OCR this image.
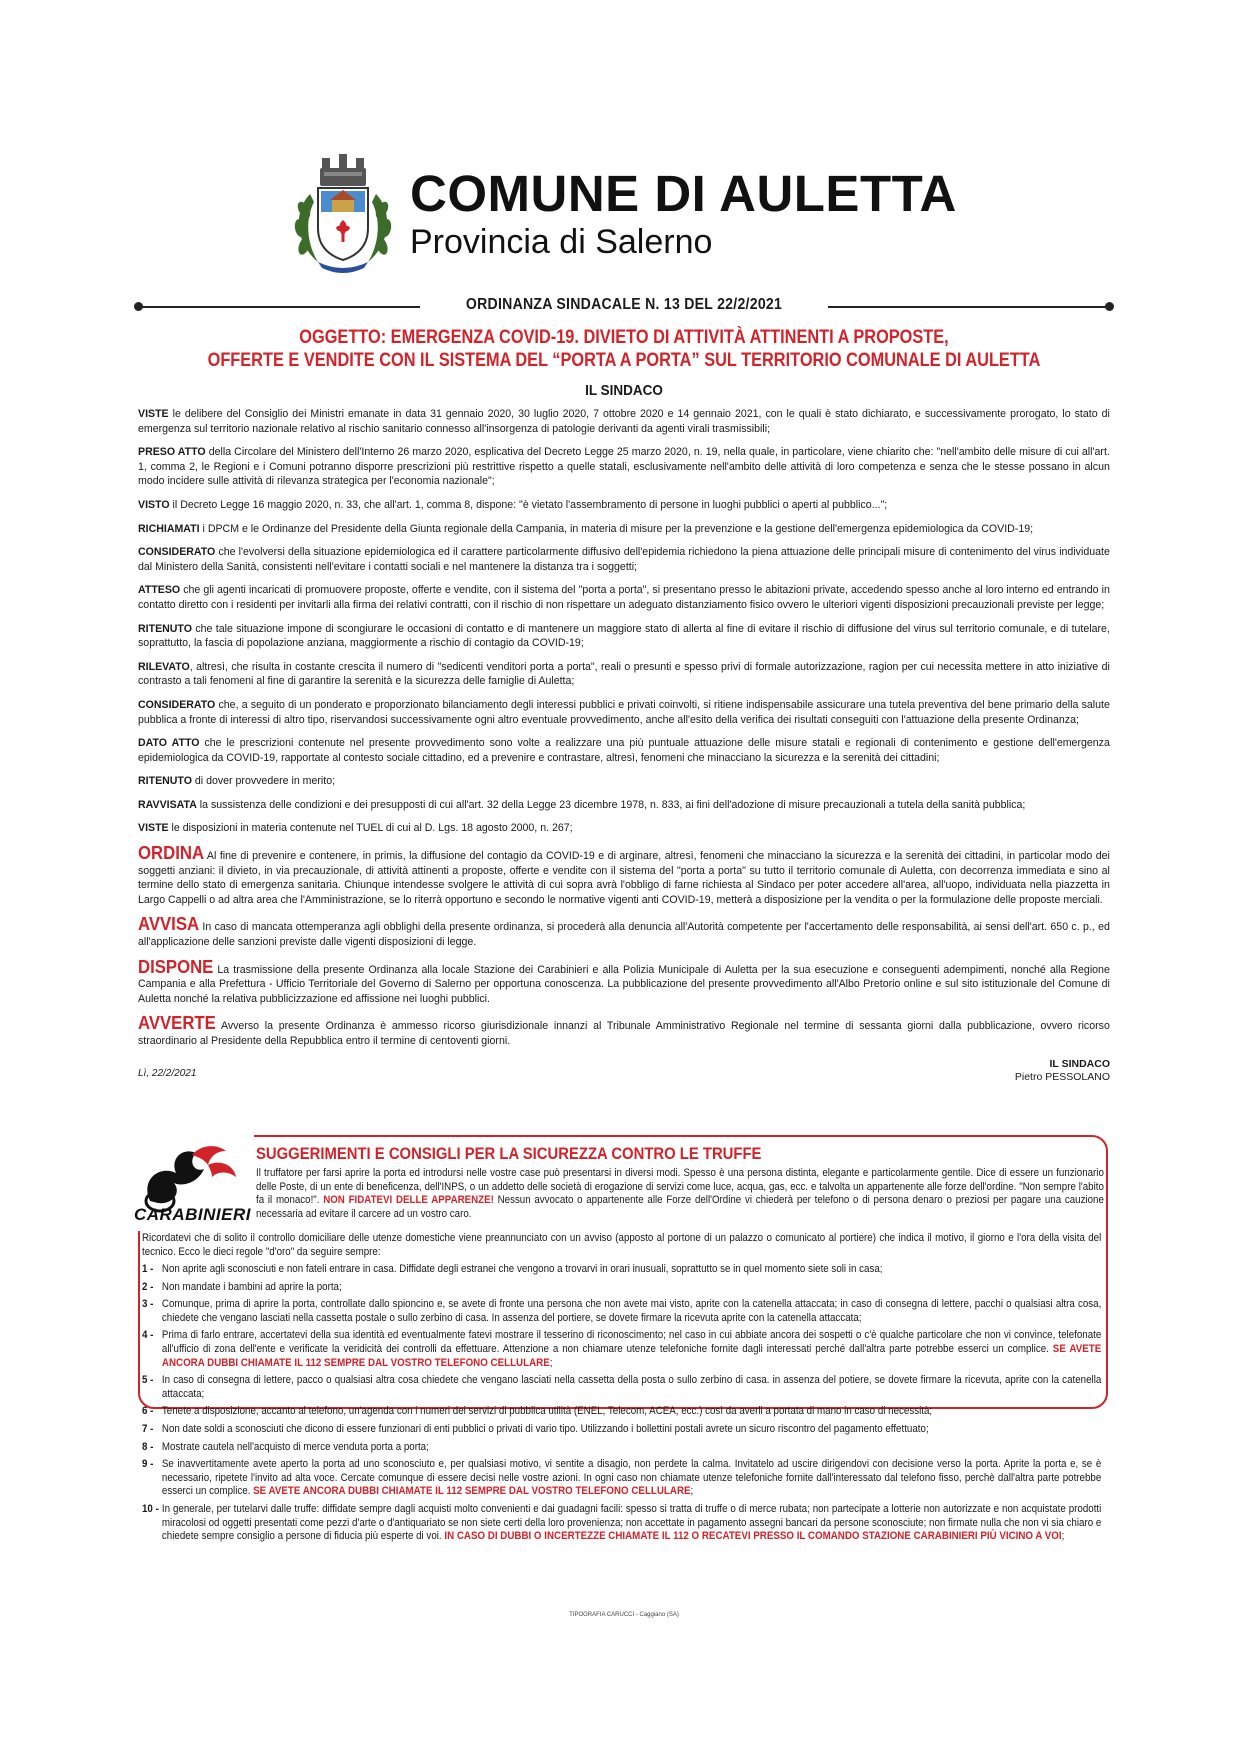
COMUNE DI AULETTA
Provincia di Salerno
ORDINANZA SINDACALE N. 13 DEL 22/2/2021
OGGETTO: EMERGENZA COVID-19. DIVIETO DI ATTIVITÀ ATTINENTI A PROPOSTE,
OFFERTE E VENDITE CON IL SISTEMA DEL “PORTA A PORTA” SUL TERRITORIO COMUNALE DI AULETTA
IL SINDACO

VISTE le delibere del Consiglio dei Ministri emanate in data 31 gennaio 2020, 30 luglio 2020, 7 ottobre 2020 e 14 gennaio 2021, con le quali è stato dichiarato, e successivamente prorogato, lo stato di emergenza sul territorio nazionale relativo al rischio sanitario connesso all'insorgenza di patologie derivanti da agenti virali trasmissibili;

PRESO ATTO della Circolare del Ministero dell'Interno 26 marzo 2020, esplicativa del Decreto Legge 25 marzo 2020, n. 19, nella quale, in particolare, viene chiarito che: "nell'ambito delle misure di cui all'art. 1, comma 2, le Regioni e i Comuni potranno disporre prescrizioni più restrittive rispetto a quelle statali, esclusivamente nell'ambito delle attività di loro competenza e senza che le stesse possano in alcun modo incidere sulle attività di rilevanza strategica per l'economia nazionale";

VISTO il Decreto Legge 16 maggio 2020, n. 33, che all'art. 1, comma 8, dispone: "è vietato l'assembramento di persone in luoghi pubblici o aperti al pubblico...";

RICHIAMATI i DPCM e le Ordinanze del Presidente della Giunta regionale della Campania, in materia di misure per la prevenzione e la gestione dell'emergenza epidemiologica da COVID-19;

CONSIDERATO che l'evolversi della situazione epidemiologica ed il carattere particolarmente diffusivo dell'epidemia richiedono la piena attuazione delle principali misure di contenimento del virus individuate dal Ministero della Sanità, consistenti nell'evitare i contatti sociali e nel mantenere la distanza tra i soggetti;

ATTESO che gli agenti incaricati di promuovere proposte, offerte e vendite, con il sistema del "porta a porta", si presentano presso le abitazioni private, accedendo spesso anche al loro interno ed entrando in contatto diretto con i residenti per invitarli alla firma dei relativi contratti, con il rischio di non rispettare un adeguato distanziamento fisico ovvero le ulteriori vigenti disposizioni precauzionali previste per legge;

RITENUTO che tale situazione impone di scongiurare le occasioni di contatto e di mantenere un maggiore stato di allerta al fine di evitare il rischio di diffusione del virus sul territorio comunale, e di tutelare, soprattutto, la fascia di popolazione anziana, maggiormente a rischio di contagio da COVID-19;

RILEVATO, altresì, che risulta in costante crescita il numero di "sedicenti venditori porta a porta", reali o presunti e spesso privi di formale autorizzazione, ragion per cui necessita mettere in atto iniziative di contrasto a tali fenomeni al fine di garantire la serenità e la sicurezza delle famiglie di Auletta;

CONSIDERATO che, a seguito di un ponderato e proporzionato bilanciamento degli interessi pubblici e privati coinvolti, si ritiene indispensabile assicurare una tutela preventiva del bene primario della salute pubblica a fronte di interessi di altro tipo, riservandosi successivamente ogni altro eventuale provvedimento, anche all'esito della verifica dei risultati conseguiti con l'attuazione della presente Ordinanza;

DATO ATTO che le prescrizioni contenute nel presente provvedimento sono volte a realizzare una più puntuale attuazione delle misure statali e regionali di contenimento e gestione dell'emergenza epidemiologica da COVID-19, rapportate al contesto sociale cittadino, ed a prevenire e contrastare, altresì, fenomeni che minacciano la sicurezza e la serenità dei cittadini;

RITENUTO di dover provvedere in merito;

RAVVISATA la sussistenza delle condizioni e dei presupposti di cui all'art. 32 della Legge 23 dicembre 1978, n. 833, ai fini dell'adozione di misure precauzionali a tutela della sanità pubblica;

VISTE le disposizioni in materia contenute nel TUEL di cui al D. Lgs. 18 agosto 2000, n. 267;

ORDINA Al fine di prevenire e contenere, in primis, la diffusione del contagio da COVID-19 e di arginare, altresì, fenomeni che minacciano la sicurezza e la serenità dei cittadini, in particolar modo dei soggetti anziani: il divieto, in via precauzionale, di attività attinenti a proposte, offerte e vendite con il sistema del "porta a porta" su tutto il territorio comunale di Auletta, con decorrenza immediata e sino al termine dello stato di emergenza sanitaria. Chiunque intendesse svolgere le attività di cui sopra avrà l'obbligo di farne richiesta al Sindaco per poter accedere all'area, all'uopo, individuata nella piazzetta in Largo Cappelli o ad altra area che l'Amministrazione, se lo riterrà opportuno e secondo le normative vigenti anti COVID-19, metterà a disposizione per la vendita o per la formulazione delle proposte merciali.

AVVISA In caso di mancata ottemperanza agli obblighi della presente ordinanza, si procederà alla denuncia all'Autorità competente per l'accertamento delle responsabilità, ai sensi dell'art. 650 c. p., ed all'applicazione delle sanzioni previste dalle vigenti disposizioni di legge.

DISPONE La trasmissione della presente Ordinanza alla locale Stazione dei Carabinieri e alla Polizia Municipale di Auletta per la sua esecuzione e conseguenti adempimenti, nonché alla Regione Campania e alla Prefettura - Ufficio Territoriale del Governo di Salerno per opportuna conoscenza. La pubblicazione del presente provvedimento all'Albo Pretorio online e sul sito istituzionale del Comune di Auletta nonché la relativa pubblicizzazione ed affissione nei luoghi pubblici.

AVVERTE Avverso la presente Ordinanza è ammesso ricorso giurisdizionale innanzi al Tribunale Amministrativo Regionale nel termine di sessanta giorni dalla pubblicazione, ovvero ricorso straordinario al Presidente della Repubblica entro il termine di centoventi giorni.

Lì, 22/2/2021
IL SINDACO
Pietro PESSOLANO
CARABINIERI
SUGGERIMENTI E CONSIGLI PER LA SICUREZZA CONTRO LE TRUFFE
Il truffatore per farsi aprire la porta ed introdursi nelle vostre case può presentarsi in diversi modi. Spesso è una persona distinta, elegante e particolarmente gentile. Dice di essere un funzionario delle Poste, di un ente di beneficenza, dell'INPS, o un addetto delle società di erogazione di servizi come luce, acqua, gas, ecc. e talvolta un appartenente alle forze dell'ordine. "Non sempre l'abito fa il monaco!". NON FIDATEVI DELLE APPARENZE! Nessun avvocato o appartenente alle Forze dell'Ordine vi chiederà per telefono o di persona denaro o preziosi per pagare una cauzione necessaria ad evitare il carcere ad un vostro caro.
Ricordatevi che di solito il controllo domiciliare delle utenze domestiche viene preannunciato con un avviso (apposto al portone di un palazzo o comunicato al portiere) che indica il motivo, il giorno e l'ora della visita del tecnico. Ecco le dieci regole "d'oro" da seguire sempre:
1 - Non aprite agli sconosciuti e non fateli entrare in casa. Diffidate degli estranei che vengono a trovarvi in orari inusuali, soprattutto se in quel momento siete soli in casa;
2 - Non mandate i bambini ad aprire la porta;
3 - Comunque, prima di aprire la porta, controllate dallo spioncino e, se avete di fronte una persona che non avete mai visto, aprite con la catenella attaccata; in caso di consegna di lettere, pacchi o qualsiasi altra cosa, chiedete che vengano lasciati nella cassetta postale o sullo zerbino di casa. In assenza del portiere, se dovete firmare la ricevuta aprite con la catenella attaccata;
4 - Prima di farlo entrare, accertatevi della sua identità ed eventualmente fatevi mostrare il tesserino di riconoscimento; nel caso in cui abbiate ancora dei sospetti o c'è qualche particolare che non vi convince, telefonate all'ufficio di zona dell'ente e verificate la veridicità dei controlli da effettuare. Attenzione a non chiamare utenze telefoniche fornite dagli interessati perché dall'altra parte potrebbe esserci un complice. SE AVETE ANCORA DUBBI CHIAMATE IL 112 SEMPRE DAL VOSTRO TELEFONO CELLULARE;
5 - In caso di consegna di lettere, pacco o qualsiasi altra cosa chiedete che vengano lasciati nella cassetta della posta o sullo zerbino di casa. in assenza del potiere, se dovete firmare la ricevuta, aprite con la catenella attaccata;
6 - Tenete a disposizione, accanto al telefono, un'agenda con i numeri dei servizi di pubblica utilità (ENEL, Telecom, ACEA, ecc.) così da averli a portata di mano in caso di necessità;
7 - Non date soldi a sconosciuti che dicono di essere funzionari di enti pubblici o privati di vario tipo. Utilizzando i bollettini postali avrete un sicuro riscontro del pagamento effettuato;
8 - Mostrate cautela nell'acquisto di merce venduta porta a porta;
9 - Se inavvertitamente avete aperto la porta ad uno sconosciuto e, per qualsiasi motivo, vi sentite a disagio, non perdete la calma. Invitatelo ad uscire dirigendovi con decisione verso la porta. Aprite la porta e, se è necessario, ripetete l'invito ad alta voce. Cercate comunque di essere decisi nelle vostre azioni. In ogni caso non chiamate utenze telefoniche fornite dall'interessato dal telefono fisso, perchè dall'altra parte potrebbe esserci un complice. SE AVETE ANCORA DUBBI CHIAMATE IL 112 SEMPRE DAL VOSTRO TELEFONO CELLULARE;
10 - In generale, per tutelarvi dalle truffe: diffidate sempre dagli acquisti molto convenienti e dai guadagni facili: spesso si tratta di truffe o di merce rubata; non partecipate a lotterie non autorizzate e non acquistate prodotti miracolosi od oggetti presentati come pezzi d'arte o d'antiquariato se non siete certi della loro provenienza; non accettate in pagamento assegni bancari da persone sconosciute; non firmate nulla che non vi sia chiaro e chiedete sempre consiglio a persone di fiducia più esperte di voi. IN CASO DI DUBBI O INCERTEZZE CHIAMATE IL 112 O RECATEVI PRESSO IL COMANDO STAZIONE CARABINIERI PIÙ VICINO A VOI;
TIPOGRAFIA CARUCCI - Caggiano (SA)
